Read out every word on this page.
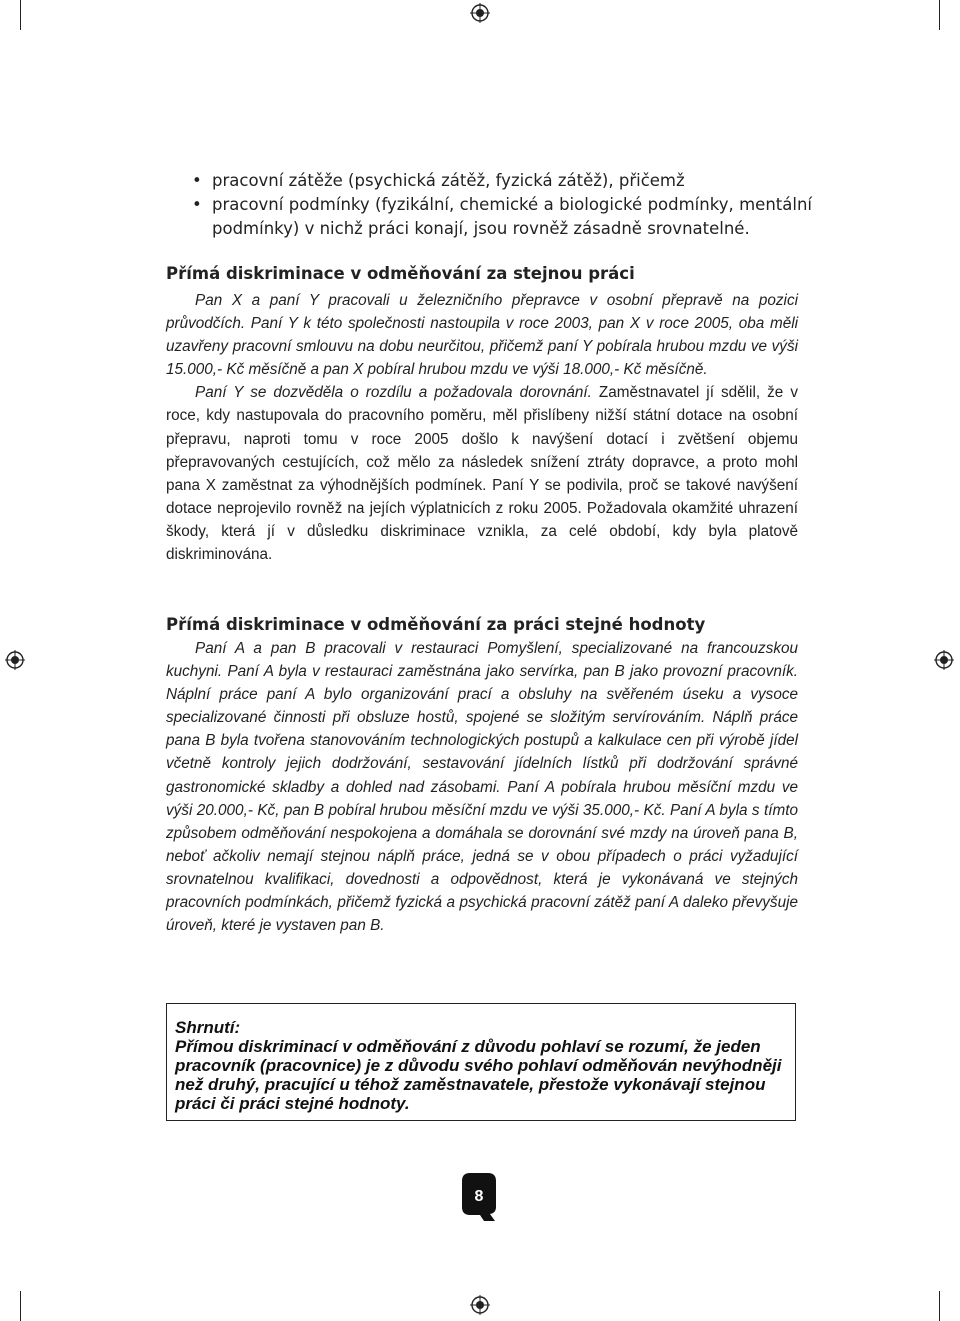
• pracovní zátěže (psychická zátěž, fyzická zátěž), přičemž
• pracovní podmínky (fyzikální, chemické a biologické podmínky, mentální podmínky) v nichž práci konají, jsou rovněž zásadně srovnatelné.
Přímá diskriminace v odměňování za stejnou práci

Pan X a paní Y pracovali u železničního přepravce v osobní přepravě na pozici průvodčích. Paní Y k této společnosti nastoupila v roce 2003, pan X v roce 2005, oba měli uzavřeny pracovní smlouvu na dobu neurčitou, přičemž paní Y pobírala hrubou mzdu ve výši 15.000,- Kč měsíčně a pan X pobíral hrubou mzdu ve výši 18.000,- Kč měsíčně.

Paní Y se dozvěděla o rozdílu a požadovala dorovnání. Zaměstnavatel jí sdělil, že v roce, kdy nastupovala do pracovního poměru, měl přislíbeny nižší státní dotace na osobní přepravu, naproti tomu v roce 2005 došlo k navýšení dotací i zvětšení objemu přepravovaných cestujících, což mělo za následek snížení ztráty dopravce, a proto mohl pana X zaměstnat za výhodnějších podmínek. Paní Y se podivila, proč se takové navýšení dotace neprojevilo rovněž na jejích výplatnicích z roku 2005. Požadovala okamžité uhrazení škody, která jí v důsledku diskriminace vznikla, za celé období, kdy byla platově diskriminována.

Přímá diskriminace v odměňování za práci stejné hodnoty

Paní A a pan B pracovali v restauraci Pomyšlení, specializované na francouzskou kuchyni. Paní A byla v restauraci zaměstnána jako servírka, pan B jako provozní pracovník. Náplní práce paní A bylo organizování prací a obsluhy na svěřeném úseku a vysoce specializované činnosti při obsluze hostů, spojené se složitým servírováním. Náplň práce pana B byla tvořena stanovováním technologických postupů a kalkulace cen při výrobě jídel včetně kontroly jejich dodržování, sestavování jídelních lístků při dodržování správné gastronomické skladby a dohled nad zásobami. Paní A pobírala hrubou měsíční mzdu ve výši 20.000,- Kč, pan B pobíral hrubou měsíční mzdu ve výši 35.000,- Kč. Paní A byla s tímto způsobem odměňování nespokojena a domáhala se dorovnání své mzdy na úroveň pana B, neboť ačkoliv nemají stejnou náplň práce, jedná se v obou případech o práci vyžadující srovnatelnou kvalifikaci, dovednosti a odpovědnost, která je vykonávaná ve stejných pracovních podmínkách, přičemž fyzická a psychická pracovní zátěž paní A daleko převyšuje úroveň, které je vystaven pan B.

Shrnutí:
Přímou diskriminací v odměňování z důvodu pohlaví se rozumí, že jeden pracovník (pracovnice) je z důvodu svého pohlaví odměňován nevýhodněji než druhý, pracující u téhož zaměstnavatele, přestože vykonávají stejnou práci či práci stejné hodnoty.
8
